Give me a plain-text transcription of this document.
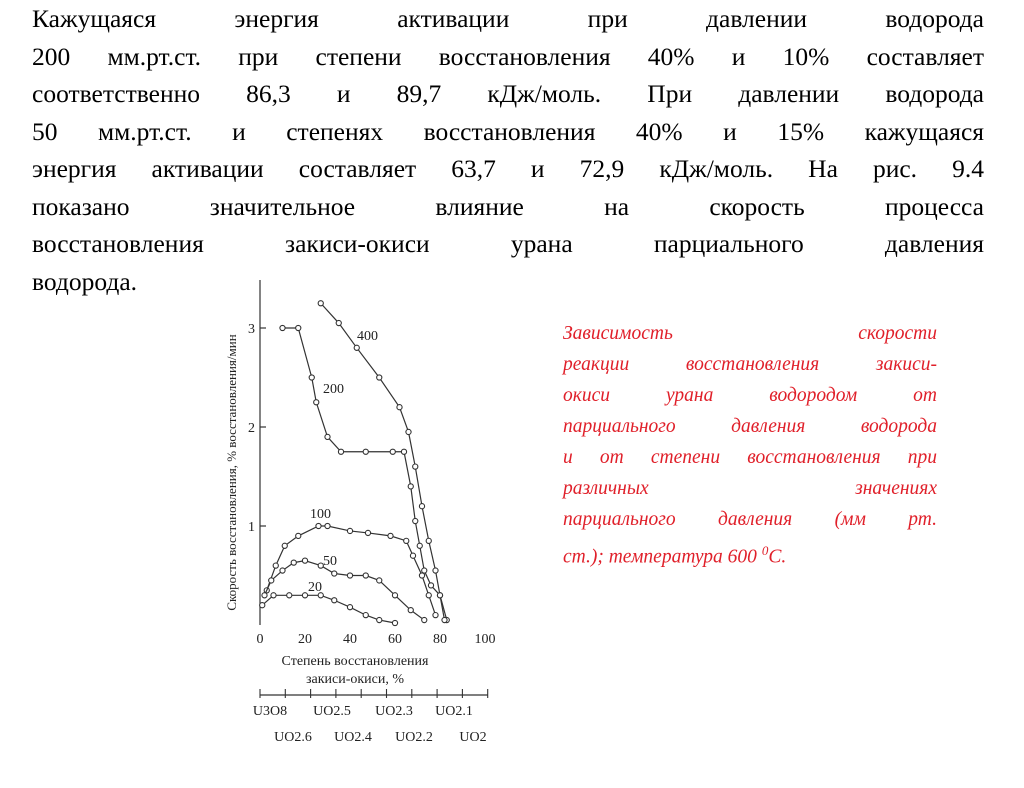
Кажущаяся энергия активации при давлении водорода
200 мм.рт.ст. при степени восстановления 40% и 10% составляет
соответственно 86,3 и 89,7 кДж/моль. При давлении водорода
50 мм.рт.ст. и степенях восстановления 40% и 15% кажущаяся
энергия активации составляет 63,7 и 72,9 кДж/моль. На рис. 9.4
показано значительное влияние на скорость процесса
восстановления закиси-окиси урана парциального давления
водорода.
1
2
3
0 20 40 60 80 100
Скорость восстановления, % восстановления/мин
Степень восстановления
закиси-окиси, %
400
200
100
50
20
U3O8 UO2.5 UO2.3 UO2.1
UO2.6 UO2.4 UO2.2 UO2
Зависимость скорости
реакции восстановления закиси-
окиси урана водородом от
парциального давления водорода
и от степени восстановления при
различных значениях
парциального давления (мм рт.
ст.); температура 600 $^0$С.
